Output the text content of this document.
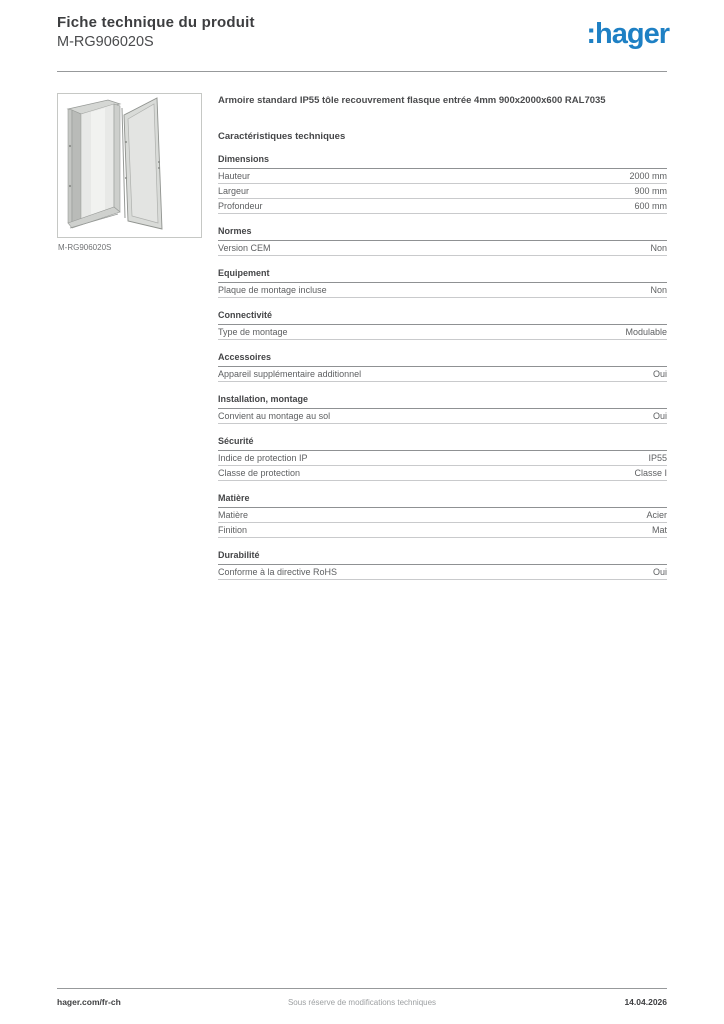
Fiche technique du produit
M-RG906020S	:hager
M-RG906020S
Armoire standard IP55 tôle recouvrement flasque entrée 4mm 900x2000x600 RAL7035
Caractéristiques techniques
Dimensions
Hauteur	2000 mm
Largeur	900 mm
Profondeur	600 mm
Normes
Version CEM	Non
Equipement
Plaque de montage incluse	Non
Connectivité
Type de montage	Modulable
Accessoires
Appareil supplémentaire additionnel	Oui
Installation, montage
Convient au montage au sol	Oui
Sécurité
Indice de protection IP	IP55
Classe de protection	Classe I
Matière
Matière	Acier
Finition	Mat
Durabilité
Conforme à la directive RoHS	Oui
hager.com/fr-ch	Sous réserve de modifications techniques	14.04.2026
